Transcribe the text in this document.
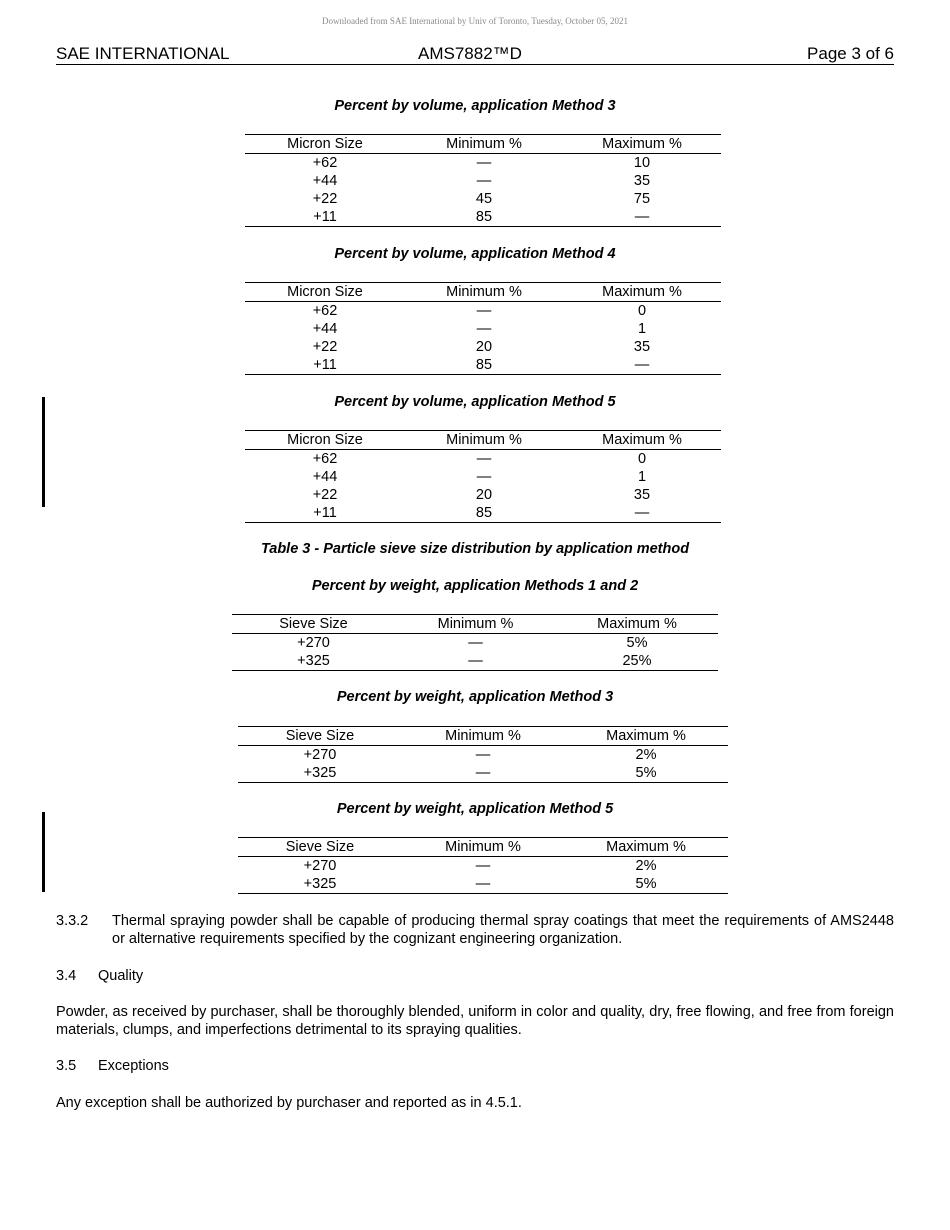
Downloaded from SAE International by Univ of Toronto, Tuesday, October 05, 2021
SAE INTERNATIONAL	AMS7882™D	Page 3 of 6
Percent by volume, application Method 3
Micron Size	Minimum %	Maximum %
+62	—	10
+44	—	35
+22	45	75
+11	85	—
Percent by volume, application Method 4
Micron Size	Minimum %	Maximum %
+62	—	0
+44	—	1
+22	20	35
+11	85	—
Percent by volume, application Method 5
Micron Size	Minimum %	Maximum %
+62	—	0
+44	—	1
+22	20	35
+11	85	—
Table 3 - Particle sieve size distribution by application method
Percent by weight, application Methods 1 and 2
Sieve Size	Minimum %	Maximum %
+270	—	5%
+325	—	25%
Percent by weight, application Method 3
Sieve Size	Minimum %	Maximum %
+270	—	2%
+325	—	5%
Percent by weight, application Method 5
Sieve Size	Minimum %	Maximum %
+270	—	2%
+325	—	5%
3.3.2 Thermal spraying powder shall be capable of producing thermal spray coatings that meet the requirements of AMS2448 or alternative requirements specified by the cognizant engineering organization.
3.4 Quality
Powder, as received by purchaser, shall be thoroughly blended, uniform in color and quality, dry, free flowing, and free from foreign materials, clumps, and imperfections detrimental to its spraying qualities.
3.5 Exceptions
Any exception shall be authorized by purchaser and reported as in 4.5.1.
